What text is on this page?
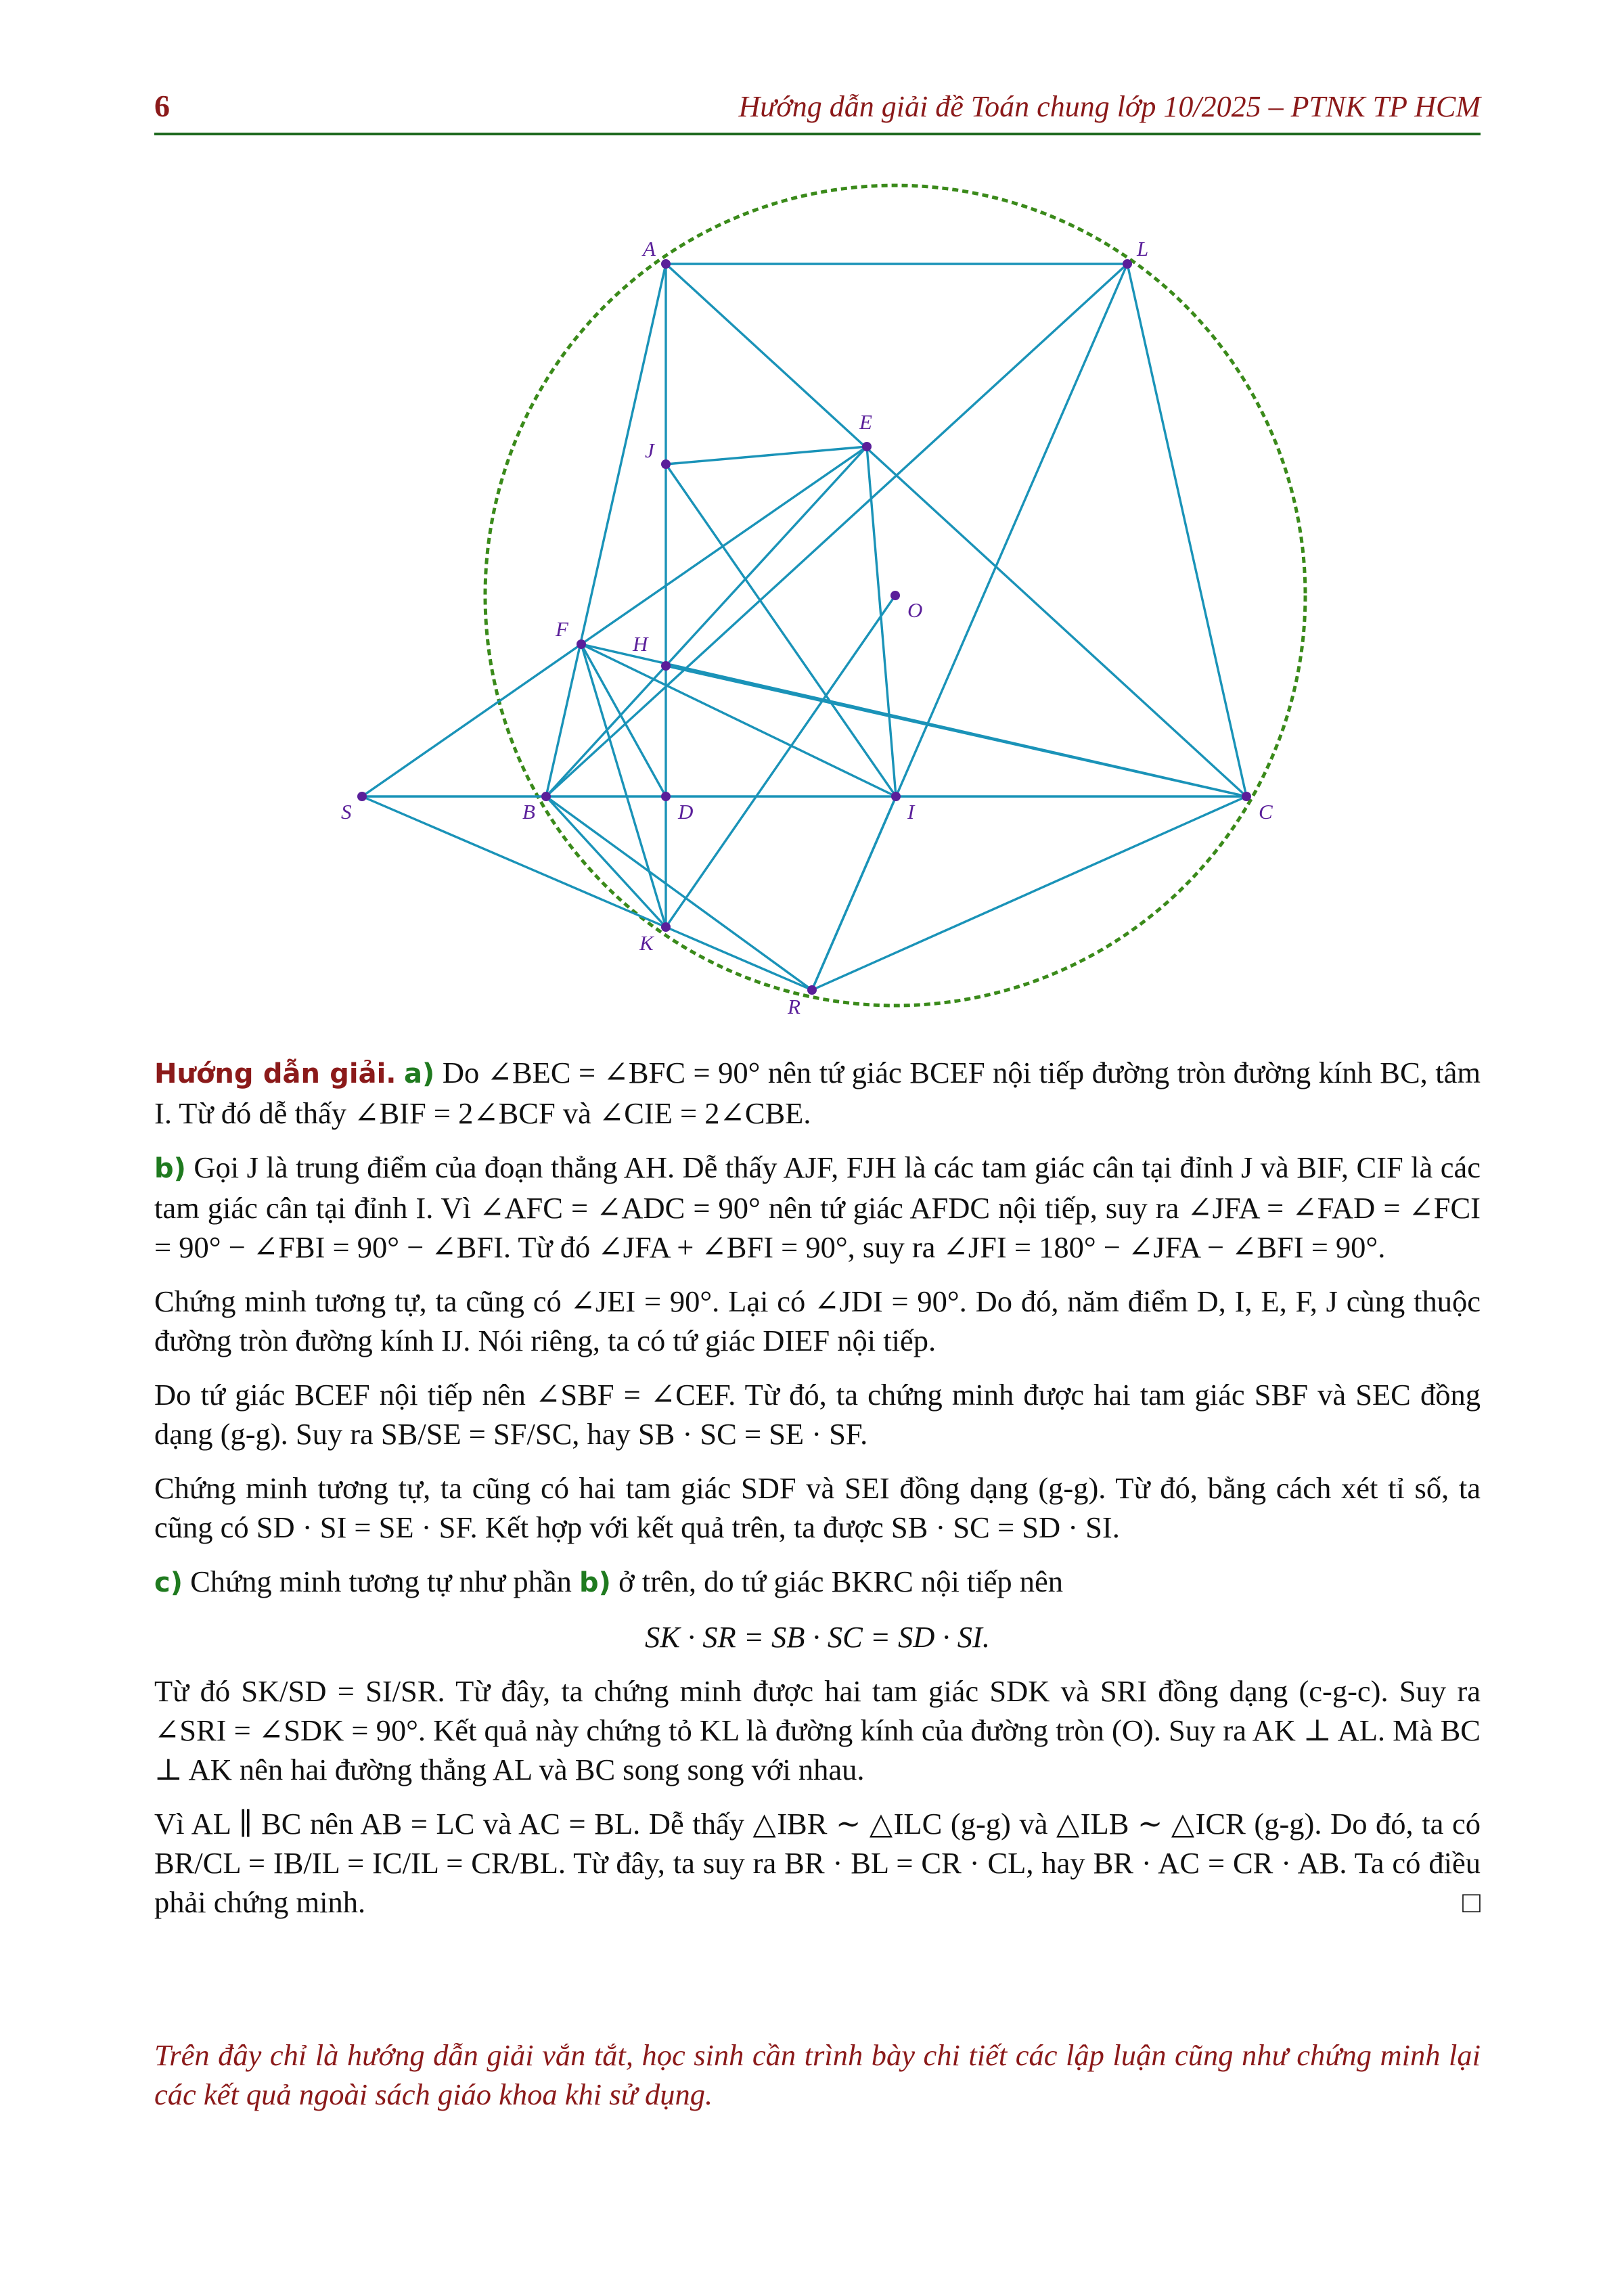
6	Hướng dẫn giải đề Toán chung lớp 10/2025 – PTNK TP HCM
A	L
E
J
O
F
H
S	B	D	I	C
K
R

Hướng dẫn giải. a) Do ∠BEC = ∠BFC = 90° nên tứ giác BCEF nội tiếp đường tròn đường kính BC, tâm I. Từ đó dễ thấy ∠BIF = 2∠BCF và ∠CIE = 2∠CBE.

b) Gọi J là trung điểm của đoạn thẳng AH. Dễ thấy AJF, FJH là các tam giác cân tại đỉnh J và BIF, CIF là các tam giác cân tại đỉnh I. Vì ∠AFC = ∠ADC = 90° nên tứ giác AFDC nội tiếp, suy ra ∠JFA = ∠FAD = ∠FCI = 90° − ∠FBI = 90° − ∠BFI. Từ đó ∠JFA + ∠BFI = 90°, suy ra ∠JFI = 180° − ∠JFA − ∠BFI = 90°.

Chứng minh tương tự, ta cũng có ∠JEI = 90°. Lại có ∠JDI = 90°. Do đó, năm điểm D, I, E, F, J cùng thuộc đường tròn đường kính IJ. Nói riêng, ta có tứ giác DIEF nội tiếp.

Do tứ giác BCEF nội tiếp nên ∠SBF = ∠CEF. Từ đó, ta chứng minh được hai tam giác SBF và SEC đồng dạng (g-g). Suy ra SB/SE = SF/SC, hay SB · SC = SE · SF.

Chứng minh tương tự, ta cũng có hai tam giác SDF và SEI đồng dạng (g-g). Từ đó, bằng cách xét tỉ số, ta cũng có SD · SI = SE · SF. Kết hợp với kết quả trên, ta được SB · SC = SD · SI.

c) Chứng minh tương tự như phần b) ở trên, do tứ giác BKRC nội tiếp nên

SK · SR = SB · SC = SD · SI.

Từ đó SK/SD = SI/SR. Từ đây, ta chứng minh được hai tam giác SDK và SRI đồng dạng (c-g-c). Suy ra ∠SRI = ∠SDK = 90°. Kết quả này chứng tỏ KL là đường kính của đường tròn (O). Suy ra AK ⊥ AL. Mà BC ⊥ AK nên hai đường thẳng AL và BC song song với nhau.

Vì AL ∥ BC nên AB = LC và AC = BL. Dễ thấy △IBR ∼ △ILC (g-g) và △ILB ∼ △ICR (g-g). Do đó, ta có BR/CL = IB/IL = IC/IL = CR/BL. Từ đây, ta suy ra BR · BL = CR · CL, hay BR · AC = CR · AB. Ta có điều phải chứng minh.	□

Trên đây chỉ là hướng dẫn giải vắn tắt, học sinh cần trình bày chi tiết các lập luận cũng như chứng minh lại các kết quả ngoài sách giáo khoa khi sử dụng.
